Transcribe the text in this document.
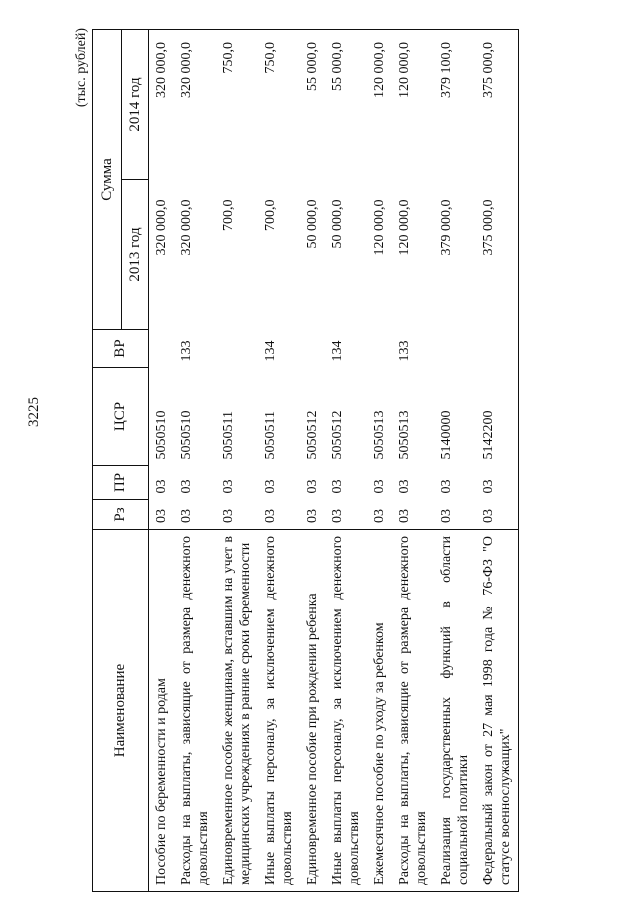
3225
(тыс. рублей)
Наименование	Рз	ПР	ЦСР	ВР	Сумма	
					2013 год	2014 год
Пособие по беременности и родам	03	03	5050510		320 000,0	320 000,0
Расходы на выплаты, зависящие от размера денежного довольствия	03	03	5050510	133	320 000,0	320 000,0
Единовременное пособие женщинам, вставшим на учет в медицинских учреждениях в ранние сроки беременности	03	03	5050511		700,0	750,0
Иные выплаты персоналу, за исключением денежного довольствия	03	03	5050511	134	700,0	750,0
Единовременное пособие при рождении ребенка	03	03	5050512		50 000,0	55 000,0
Иные выплаты персоналу, за исключением денежного довольствия	03	03	5050512	134	50 000,0	55 000,0
Ежемесячное пособие по уходу за ребенком	03	03	5050513		120 000,0	120 000,0
Расходы на выплаты, зависящие от размера денежного довольствия	03	03	5050513	133	120 000,0	120 000,0
Реализация государственных функций в области социальной политики	03	03	5140000		379 000,0	379 100,0
Федеральный закон от 27 мая 1998 года № 76-ФЗ "О статусе военнослужащих"	03	03	5142200		375 000,0	375 000,0
